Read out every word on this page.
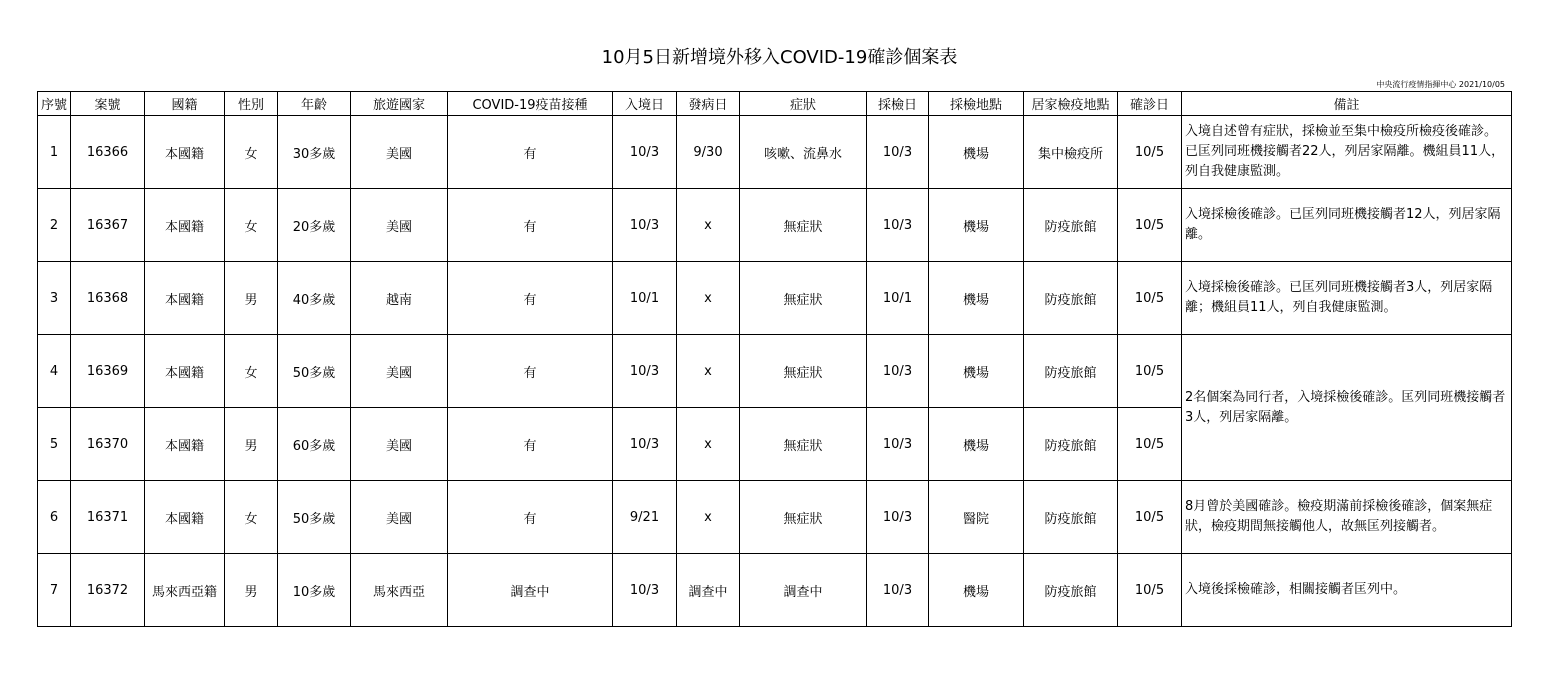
10月5日新增境外移入COVID-19確診個案表
中央流行疫情指揮中心 2021/10/05
序號	案號	國籍	性別	年齡	旅遊國家	COVID-19疫苗接種	入境日	發病日	症狀	採檢日	採檢地點	居家檢疫地點	確診日	備註
1	16366	本國籍	女	30多歲	美國	有	10/3	9/30	咳嗽、流鼻水	10/3	機場	集中檢疫所	10/5	入境自述曾有症狀，採檢並至集中檢疫所檢疫後確診。已匡列同班機接觸者22人，列居家隔離。機組員11人，列自我健康監測。
2	16367	本國籍	女	20多歲	美國	有	10/3	x	無症狀	10/3	機場	防疫旅館	10/5	入境採檢後確診。已匡列同班機接觸者12人，列居家隔離。
3	16368	本國籍	男	40多歲	越南	有	10/1	x	無症狀	10/1	機場	防疫旅館	10/5	入境採檢後確診。已匡列同班機接觸者3人，列居家隔離；機組員11人，列自我健康監測。
4	16369	本國籍	女	50多歲	美國	有	10/3	x	無症狀	10/3	機場	防疫旅館	10/5	2名個案為同行者，入境採檢後確診。匡列同班機接觸者3人，列居家隔離。
5	16370	本國籍	男	60多歲	美國	有	10/3	x	無症狀	10/3	機場	防疫旅館	10/5	
6	16371	本國籍	女	50多歲	美國	有	9/21	x	無症狀	10/3	醫院	防疫旅館	10/5	8月曾於美國確診。檢疫期滿前採檢後確診，個案無症狀，檢疫期間無接觸他人，故無匡列接觸者。
7	16372	馬來西亞籍	男	10多歲	馬來西亞	調查中	10/3	調查中	調查中	10/3	機場	防疫旅館	10/5	入境後採檢確診，相關接觸者匡列中。
